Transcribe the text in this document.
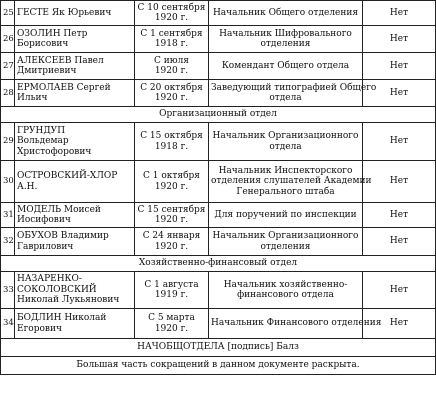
25	ГЕСТЕ Як Юрьевич	С 10 сентября
1920 г.	Начальник Общего отделения	Нет
26	ОЗОЛИН Петр
Борисович	С 1 сентября
1918 г.	Начальник Шифровального
отделения	Нет
27	АЛЕКСЕЕВ Павел
Дмитриевич	С июля
1920 г.	Комендант Общего отдела	Нет
28	ЕРМОЛАЕВ Сергей
Ильич	С 20 октября
1920 г.	Заведующий типографией Общего
отдела	Нет
Организационный отдел				
29	ГРУНДУП
Вольдемар
Христофорович	С 15 октября
1918 г.	Начальник Организационного
отдела	Нет
30	ОСТРОВСКИЙ-ХЛОР
А.Н.	С 1 октября
1920 г.	Начальник Инспекторского
отделения слушателей Академии
Генерального штаба	Нет
31	МОДЕЛЬ Моисей
Иосифович	С 15 сентября
1920 г.	Для поручений по инспекции	Нет
32	ОБУХОВ Владимир
Гаврилович	С 24 января
1920 г.	Начальник Организационного
отделения	Нет
Хозяйственно-финансовый отдел				
33	НАЗАРЕНКО-
СОКОЛОВСКИЙ
Николай Лукьянович	С 1 августа
1919 г.	Начальник хозяйственно-
финансового отдела	Нет
34	БОДЛИН Николай
Егорович	С 5 марта
1920 г.	Начальник Финансового отделения	Нет
НАЧОБЩОТДЕЛА [подпись] Балз				
Большая часть сокращений в данном документе раскрыта.				
